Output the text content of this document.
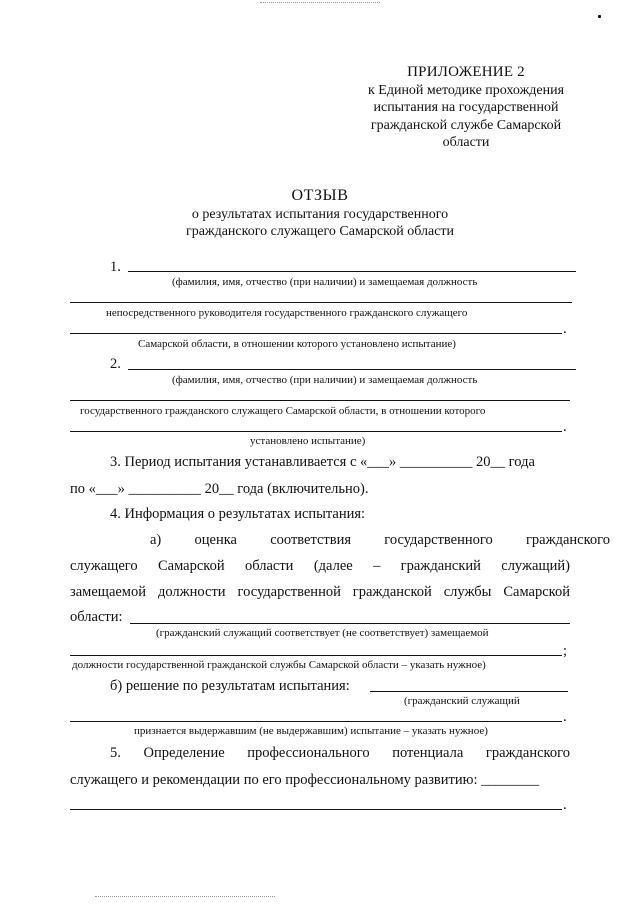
ПРИЛОЖЕНИЕ 2
к Единой методике прохождения
испытания на государственной
гражданской службе Самарской
области
ОТЗЫВ
о результатах испытания государственного
гражданского служащего Самарской области
1.
(фамилия, имя, отчество (при наличии) и замещаемая должность
непосредственного руководителя государственного гражданского служащего
.
Самарской области, в отношении которого установлено испытание)
2.
(фамилия, имя, отчество (при наличии) и замещаемая должность
государственного гражданского служащего Самарской области, в отношении которого
.
установлено испытание)
3. Период испытания устанавливается с «___» __________ 20__ года
по «___» __________ 20__ года (включительно).
4. Информация о результатах испытания:
а) оценка соответствия государственного гражданского
служащего Самарской области (далее – гражданский служащий)
замещаемой должности государственной гражданской службы Самарской
области:
(гражданский служащий соответствует (не соответствует) замещаемой
;
должности государственной гражданской службы Самарской области – указать нужное)
б) решение по результатам испытания:
(гражданский служащий
.
признается выдержавшим (не выдержавшим) испытание – указать нужное)
5. Определение профессионального потенциала гражданского
служащего и рекомендации по его профессиональному развитию: ________
.
